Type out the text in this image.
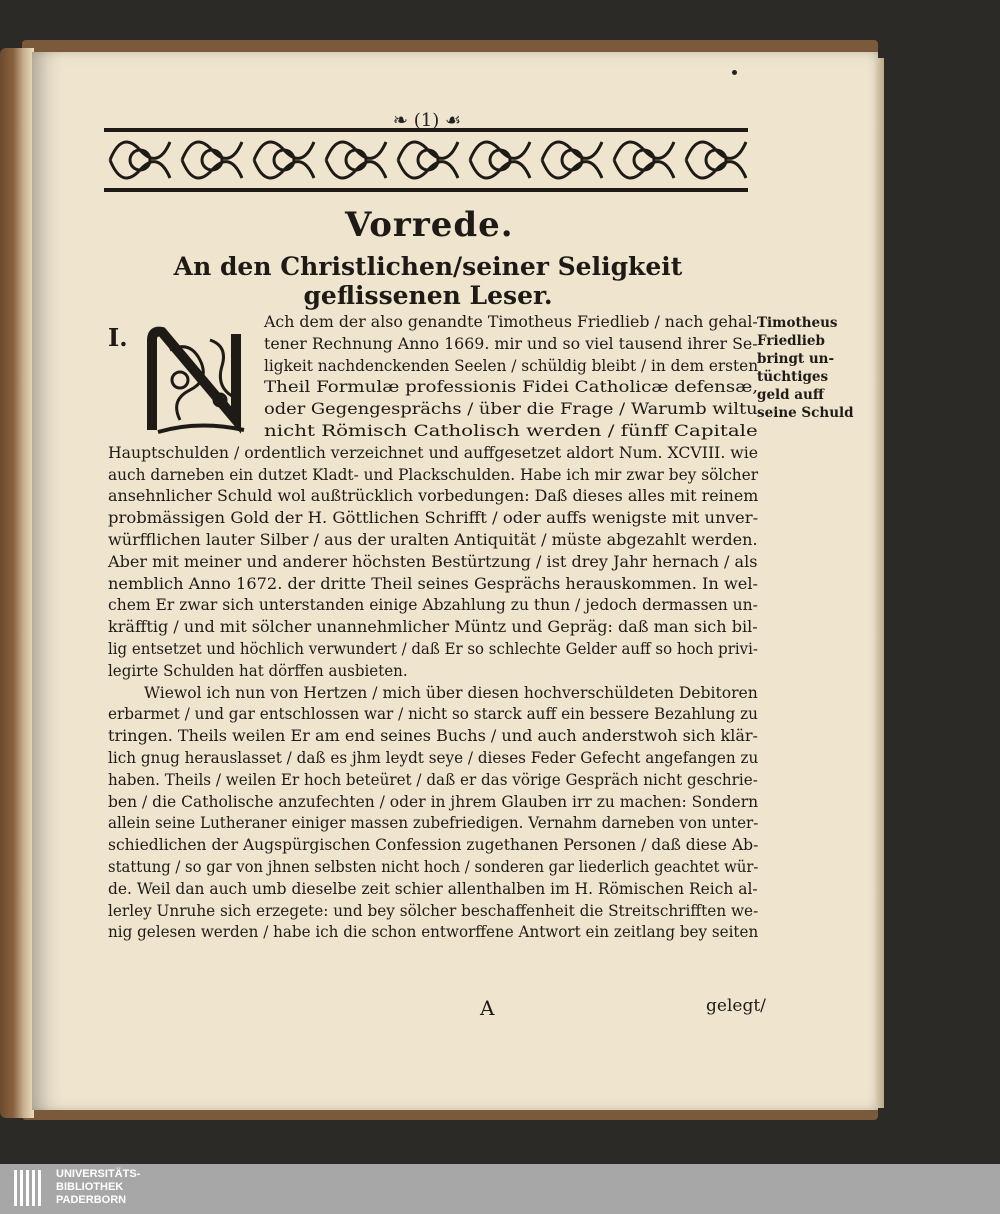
❧ (1) ☙
Vorrede.
An den Christlichen/seiner Seligkeit geflissenen Leser.
I.	Timotheus
Friedlieb
bringt un-
tüchtiges
geld auff
seine Schuld
Ach dem der also genandte Timotheus Friedlieb / nach gehal-
tener Rechnung Anno 1669. mir und so viel tausend ihrer Se-
ligkeit nachdenckenden Seelen / schüldig bleibt / in dem ersten
Theil Formulæ professionis Fidei Catholicæ defensæ,
oder Gegengesprächs / über die Frage / Warumb wiltu
nicht Römisch Catholisch werden / fünff Capitale
Hauptschulden / ordentlich verzeichnet und auffgesetzet aldort Num. XCVIII. wie
auch darneben ein dutzet Kladt- und Plackschulden. Habe ich mir zwar bey sölcher
ansehnlicher Schuld wol außtrücklich vorbedungen: Daß dieses alles mit reinem
probmässigen Gold der H. Göttlichen Schrifft / oder auffs wenigste mit unver-
würfflichen lauter Silber / aus der uralten Antiquität / müste abgezahlt werden.
Aber mit meiner und anderer höchsten Bestürtzung / ist drey Jahr hernach / als
nemblich Anno 1672. der dritte Theil seines Gesprächs herauskommen. In wel-
chem Er zwar sich unterstanden einige Abzahlung zu thun / jedoch dermassen un-
kräfftig / und mit sölcher unannehmlicher Müntz und Gepräg: daß man sich bil-
lig entsetzet und höchlich verwundert / daß Er so schlechte Gelder auff so hoch privi-
legirte Schulden hat dörffen ausbieten.
Wiewol ich nun von Hertzen / mich über diesen hochverschüldeten Debitoren
erbarmet / und gar entschlossen war / nicht so starck auff ein bessere Bezahlung zu
tringen. Theils weilen Er am end seines Buchs / und auch anderstwoh sich klär-
lich gnug herauslasset / daß es jhm leydt seye / dieses Feder Gefecht angefangen zu
haben. Theils / weilen Er hoch beteüret / daß er das vörige Gespräch nicht geschrie-
ben / die Catholische anzufechten / oder in jhrem Glauben irr zu machen: Sondern
allein seine Lutheraner einiger massen zubefriedigen. Vernahm darneben von unter-
schiedlichen der Augspürgischen Confession zugethanen Personen / daß diese Ab-
stattung / so gar von jhnen selbsten nicht hoch / sonderen gar liederlich geachtet wür-
de. Weil dan auch umb dieselbe zeit schier allenthalben im H. Römischen Reich al-
lerley Unruhe sich erzegete: und bey sölcher beschaffenheit die Streitschrifften we-
nig gelesen werden / habe ich die schon entworffene Antwort ein zeitlang bey seiten
A	gelegt/
UNIVERSITÄTS-
BIBLIOTHEK
PADERBORN
